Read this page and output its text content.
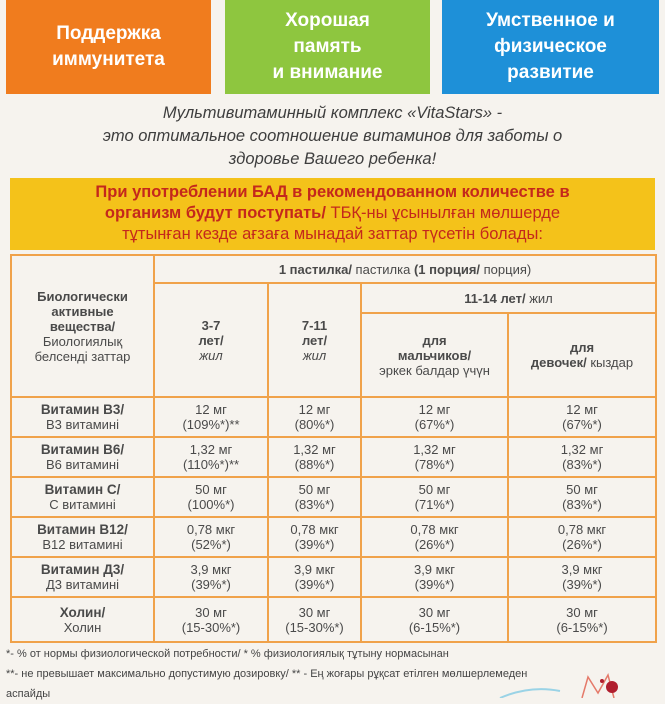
Поддержка
иммунитета
Хорошая
память
и внимание
Умственное и
физическое
развитие
Мультивитаминный комплекс «VitaStars» -
это оптимальное соотношение витаминов для заботы о
здоровье Вашего ребенка!
При употреблении БАД в рекомендованном количестве в
организм будут поступать/ ТБҚ-ны ұсынылған мөлшерде
тұтынған кезде ағзаға мынадай заттар түсетін болады:
Биологически
активные
вещества/
Биологиялық
белсенді заттар	1 пастилка/ пастилка (1 порция/ порция)			

	3-7
лет/
жил	7-11
лет/
жил	11-14 лет/ жил	

			для
мальчиков/
эркек балдар үчүн	для
девочек/ кыздар

Витамин В3/
В3 витамині	12 мг
(109%*)**	12 мг
(80%*)	12 мг
(67%*)	12 мг
(67%*)

Витамин В6/
В6 витамині	1,32 мг
(110%*)**	1,32 мг
(88%*)	1,32 мг
(78%*)	1,32 мг
(83%*)

Витамин С/
С витамині	50 мг
(100%*)	50 мг
(83%*)	50 мг
(71%*)	50 мг
(83%*)

Витамин В12/
В12 витамині	0,78 мкг
(52%*)	0,78 мкг
(39%*)	0,78 мкг
(26%*)	0,78 мкг
(26%*)

Витамин Д3/
Д3 витамині	3,9 мкг
(39%*)	3,9 мкг
(39%*)	3,9 мкг
(39%*)	3,9 мкг
(39%*)

Холин/
Холин	30 мг
(15-30%*)	30 мг
(15-30%*)	30 мг
(6-15%*)	30 мг
(6-15%*)
*- % от нормы физиологической потребности/ * % физиологиялық тұтыну нормасынан
**- не превышает максимально допустимую дозировку/ ** - Ең жоғары рұқсат етілген мөлшерлемеден
аспайды
